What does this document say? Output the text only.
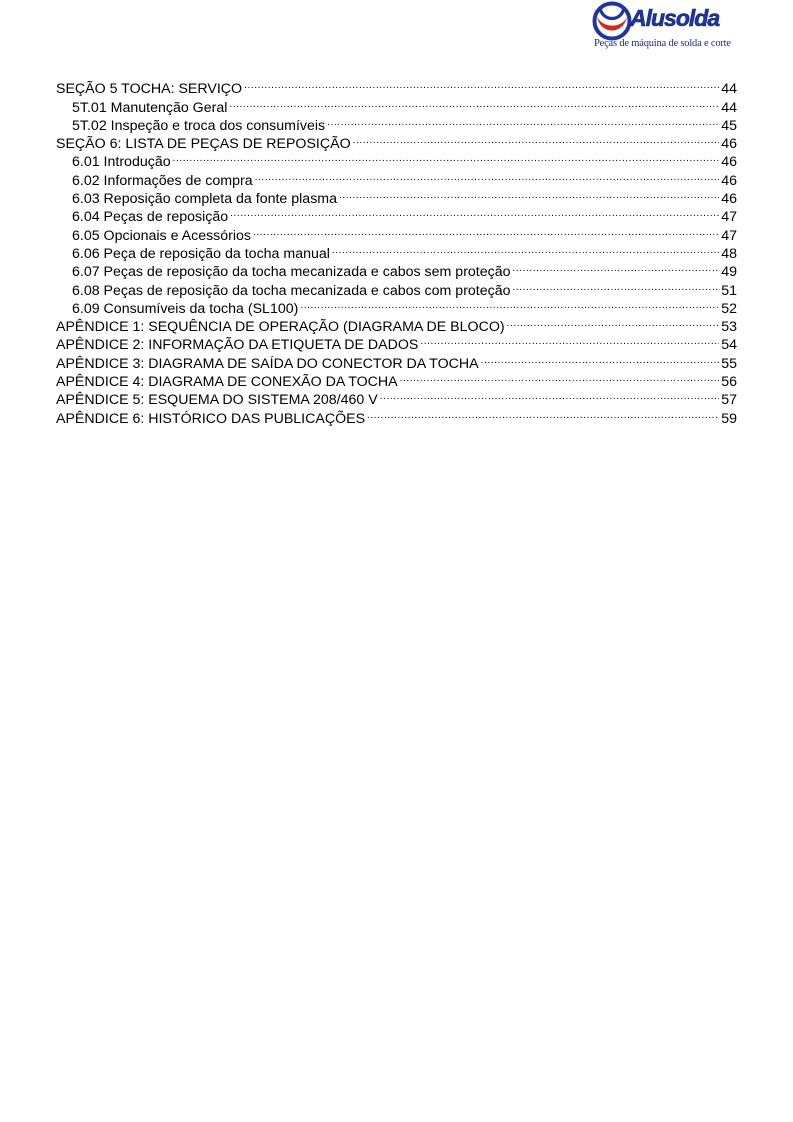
Alusolda
Peças de máquina de solda e corte
SEÇÃO 5 TOCHA: SERVIÇO .....	44
5T.01 Manutenção Geral .....	44
5T.02 Inspeção e troca dos consumíveis .....	45
SEÇÃO 6: LISTA DE PEÇAS DE REPOSIÇÃO .....	46
6.01 Introdução .....	46
6.02 Informações de compra .....	46
6.03 Reposição completa da fonte plasma .....	46
6.04 Peças de reposição .....	47
6.05 Opcionais e Acessórios .....	47
6.06 Peça de reposição da tocha manual .....	48
6.07 Peças de reposição da tocha mecanizada e cabos sem proteção .....	49
6.08 Peças de reposição da tocha mecanizada e cabos com proteção .....	51
6.09 Consumíveis da tocha (SL100) .....	52
APÊNDICE 1: SEQUÊNCIA DE OPERAÇÃO (DIAGRAMA DE BLOCO) .....	53
APÊNDICE 2: INFORMAÇÃO DA ETIQUETA DE DADOS .....	54
APÊNDICE 3: DIAGRAMA DE SAÍDA DO CONECTOR DA TOCHA .....	55
APÊNDICE 4: DIAGRAMA DE CONEXÃO DA TOCHA .....	56
APÊNDICE 5: ESQUEMA DO SISTEMA 208/460 V .....	57
APÊNDICE 6: HISTÓRICO DAS PUBLICAÇÕES .....	59
